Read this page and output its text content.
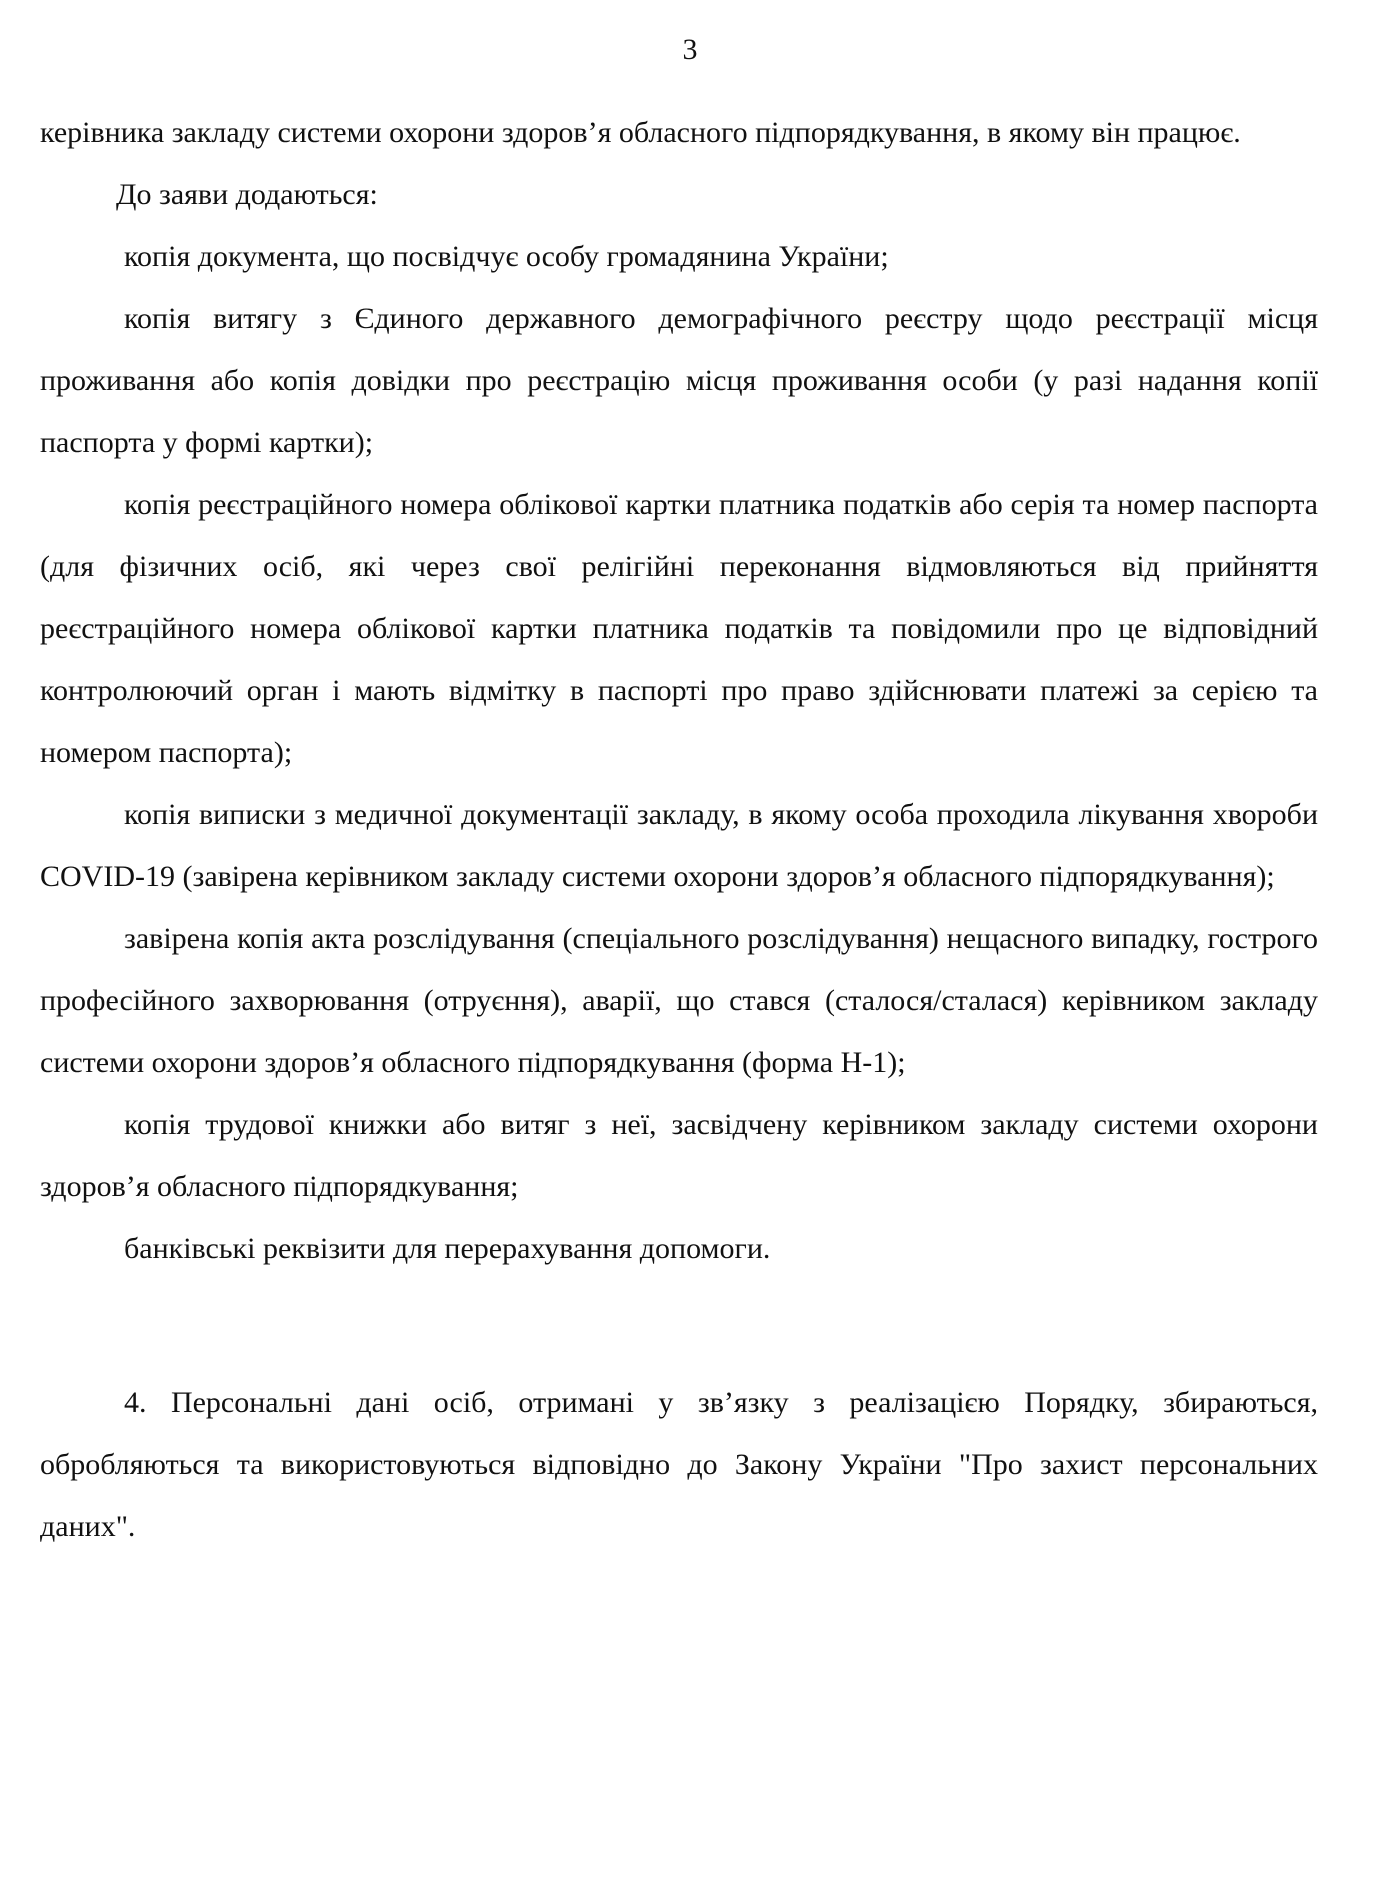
3

керівника закладу системи охорони здоров’я обласного підпорядкування, в якому він працює.

До заяви додаються:

копія документа, що посвідчує особу громадянина України;

копія витягу з Єдиного державного демографічного реєстру щодо реєстрації місця проживання або копія довідки про реєстрацію місця проживання особи (у разі надання копії паспорта у формі картки);

копія реєстраційного номера облікової картки платника податків або серія та номер паспорта (для фізичних осіб, які через свої релігійні переконання відмовляються від прийняття реєстраційного номера облікової картки платника податків та повідомили про це відповідний контролюючий орган і мають відмітку в паспорті про право здійснювати платежі за серією та номером паспорта);

копія виписки з медичної документації закладу, в якому особа проходила лікування хвороби COVID-19 (завірена керівником закладу системи охорони здоров’я обласного підпорядкування);

завірена копія акта розслідування (спеціального розслідування) нещасного випадку, гострого професійного захворювання (отруєння), аварії, що стався (сталося/сталася) керівником закладу системи охорони здоров’я обласного підпорядкування (форма Н-1);

копія трудової книжки або витяг з неї, засвідчену керівником закладу системи охорони здоров’я обласного підпорядкування;

банківські реквізити для перерахування допомоги.

4. Персональні дані осіб, отримані у зв’язку з реалізацією Порядку, збираються, обробляються та використовуються відповідно до Закону України "Про захист персональних даних".
